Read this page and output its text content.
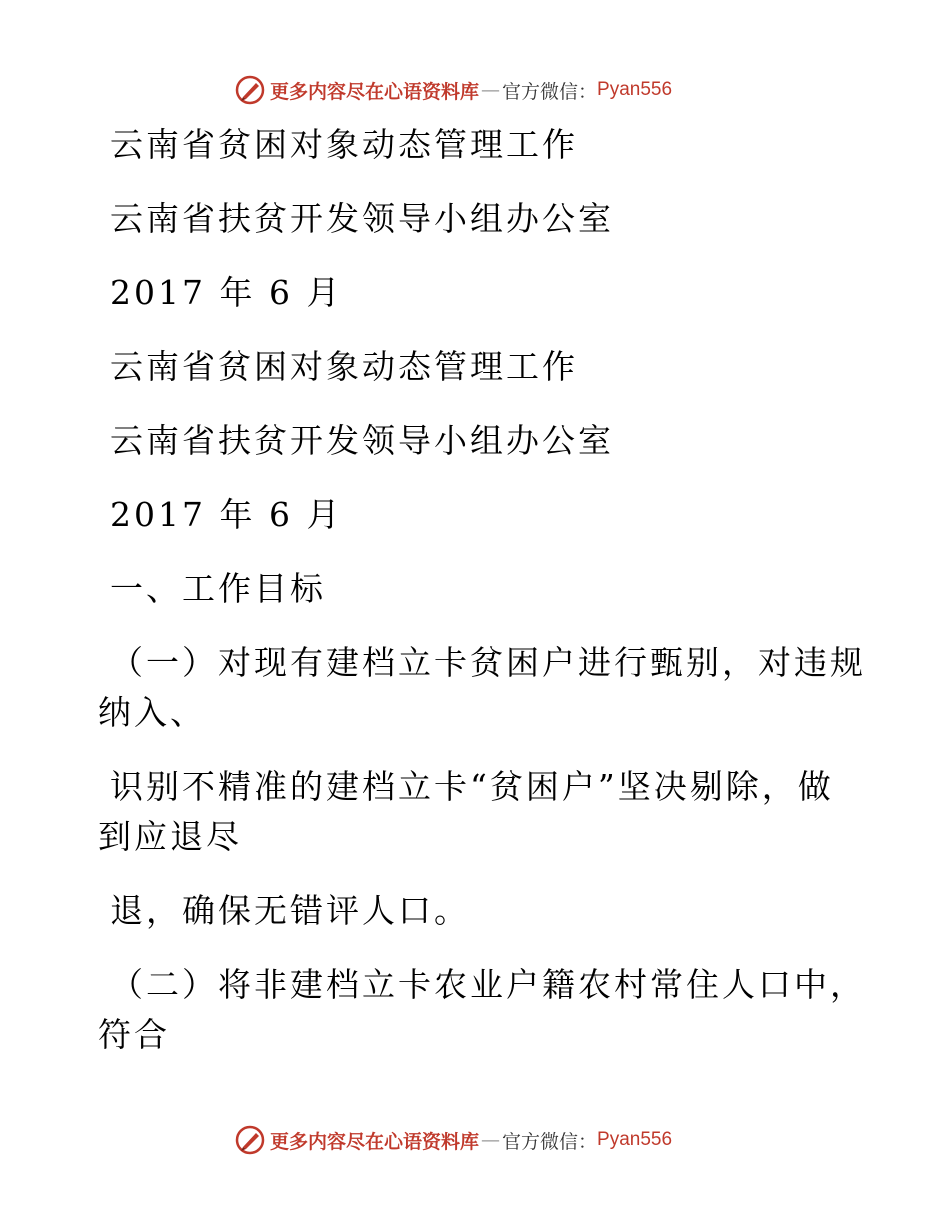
更多内容尽在心语资料库 — 官方微信： Pyan556
云南省贫困对象动态管理工作
云南省扶贫开发领导小组办公室
2017 年 6 月
云南省贫困对象动态管理工作
云南省扶贫开发领导小组办公室
2017 年 6 月
一、工作目标
（一）对现有建档立卡贫困户进行甄别，对违规
纳入、
识别不精准的建档立卡“贫困户”坚决剔除，做
到应退尽
退，确保无错评人口。
（二）将非建档立卡农业户籍农村常住人口中，
符合
更多内容尽在心语资料库 — 官方微信： Pyan556
